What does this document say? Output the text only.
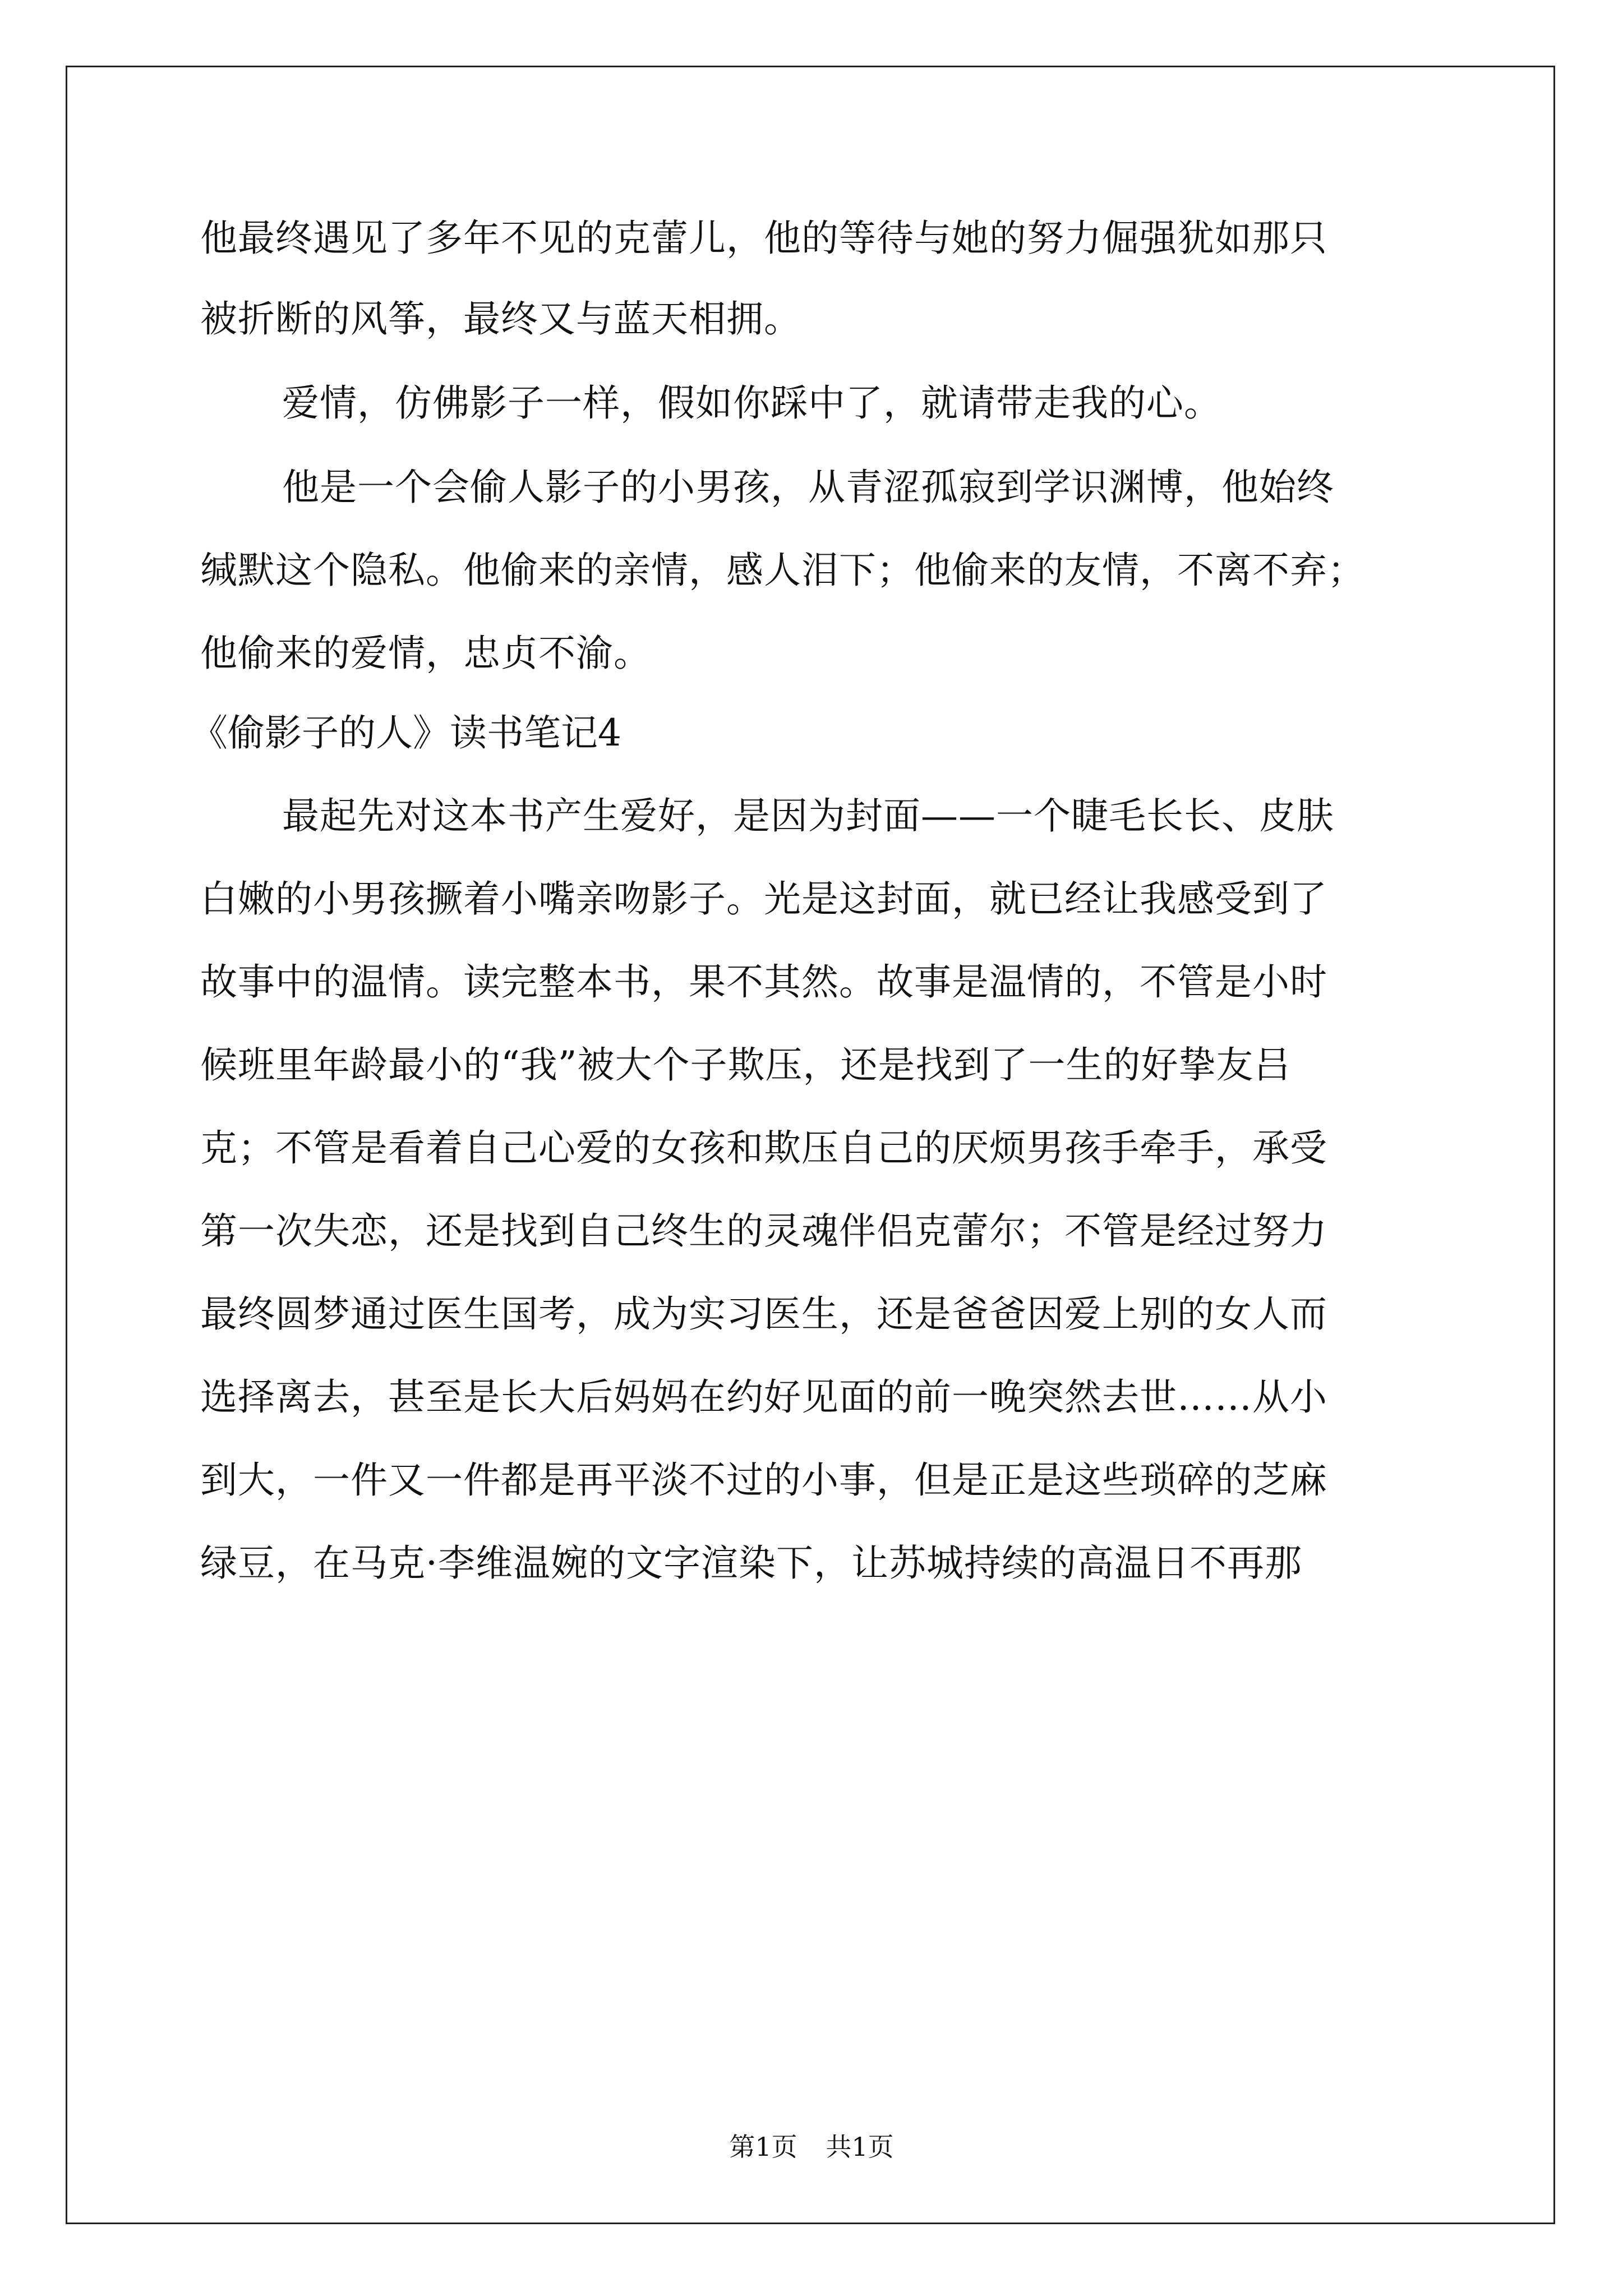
他最终遇见了多年不见的克蕾儿，他的等待与她的努力倔强犹如那只
被折断的风筝，最终又与蓝天相拥。
爱情，仿佛影子一样，假如你踩中了，就请带走我的心。
他是一个会偷人影子的小男孩，从青涩孤寂到学识渊博，他始终
缄默这个隐私。他偷来的亲情，感人泪下；他偷来的友情，不离不弃；
他偷来的爱情，忠贞不渝。
《偷影子的人》读书笔记4
最起先对这本书产生爱好，是因为封面——一个睫毛长长、皮肤
白嫩的小男孩撅着小嘴亲吻影子。光是这封面，就已经让我感受到了
故事中的温情。读完整本书，果不其然。故事是温情的，不管是小时
候班里年龄最小的“我”被大个子欺压，还是找到了一生的好挚友吕
克；不管是看着自己心爱的女孩和欺压自己的厌烦男孩手牵手，承受
第一次失恋，还是找到自己终生的灵魂伴侣克蕾尔；不管是经过努力
最终圆梦通过医生国考，成为实习医生，还是爸爸因爱上别的女人而
选择离去，甚至是长大后妈妈在约好见面的前一晚突然去世……从小
到大，一件又一件都是再平淡不过的小事，但是正是这些琐碎的芝麻
绿豆，在马克·李维温婉的文字渲染下，让苏城持续的高温日不再那
第1页 共1页
